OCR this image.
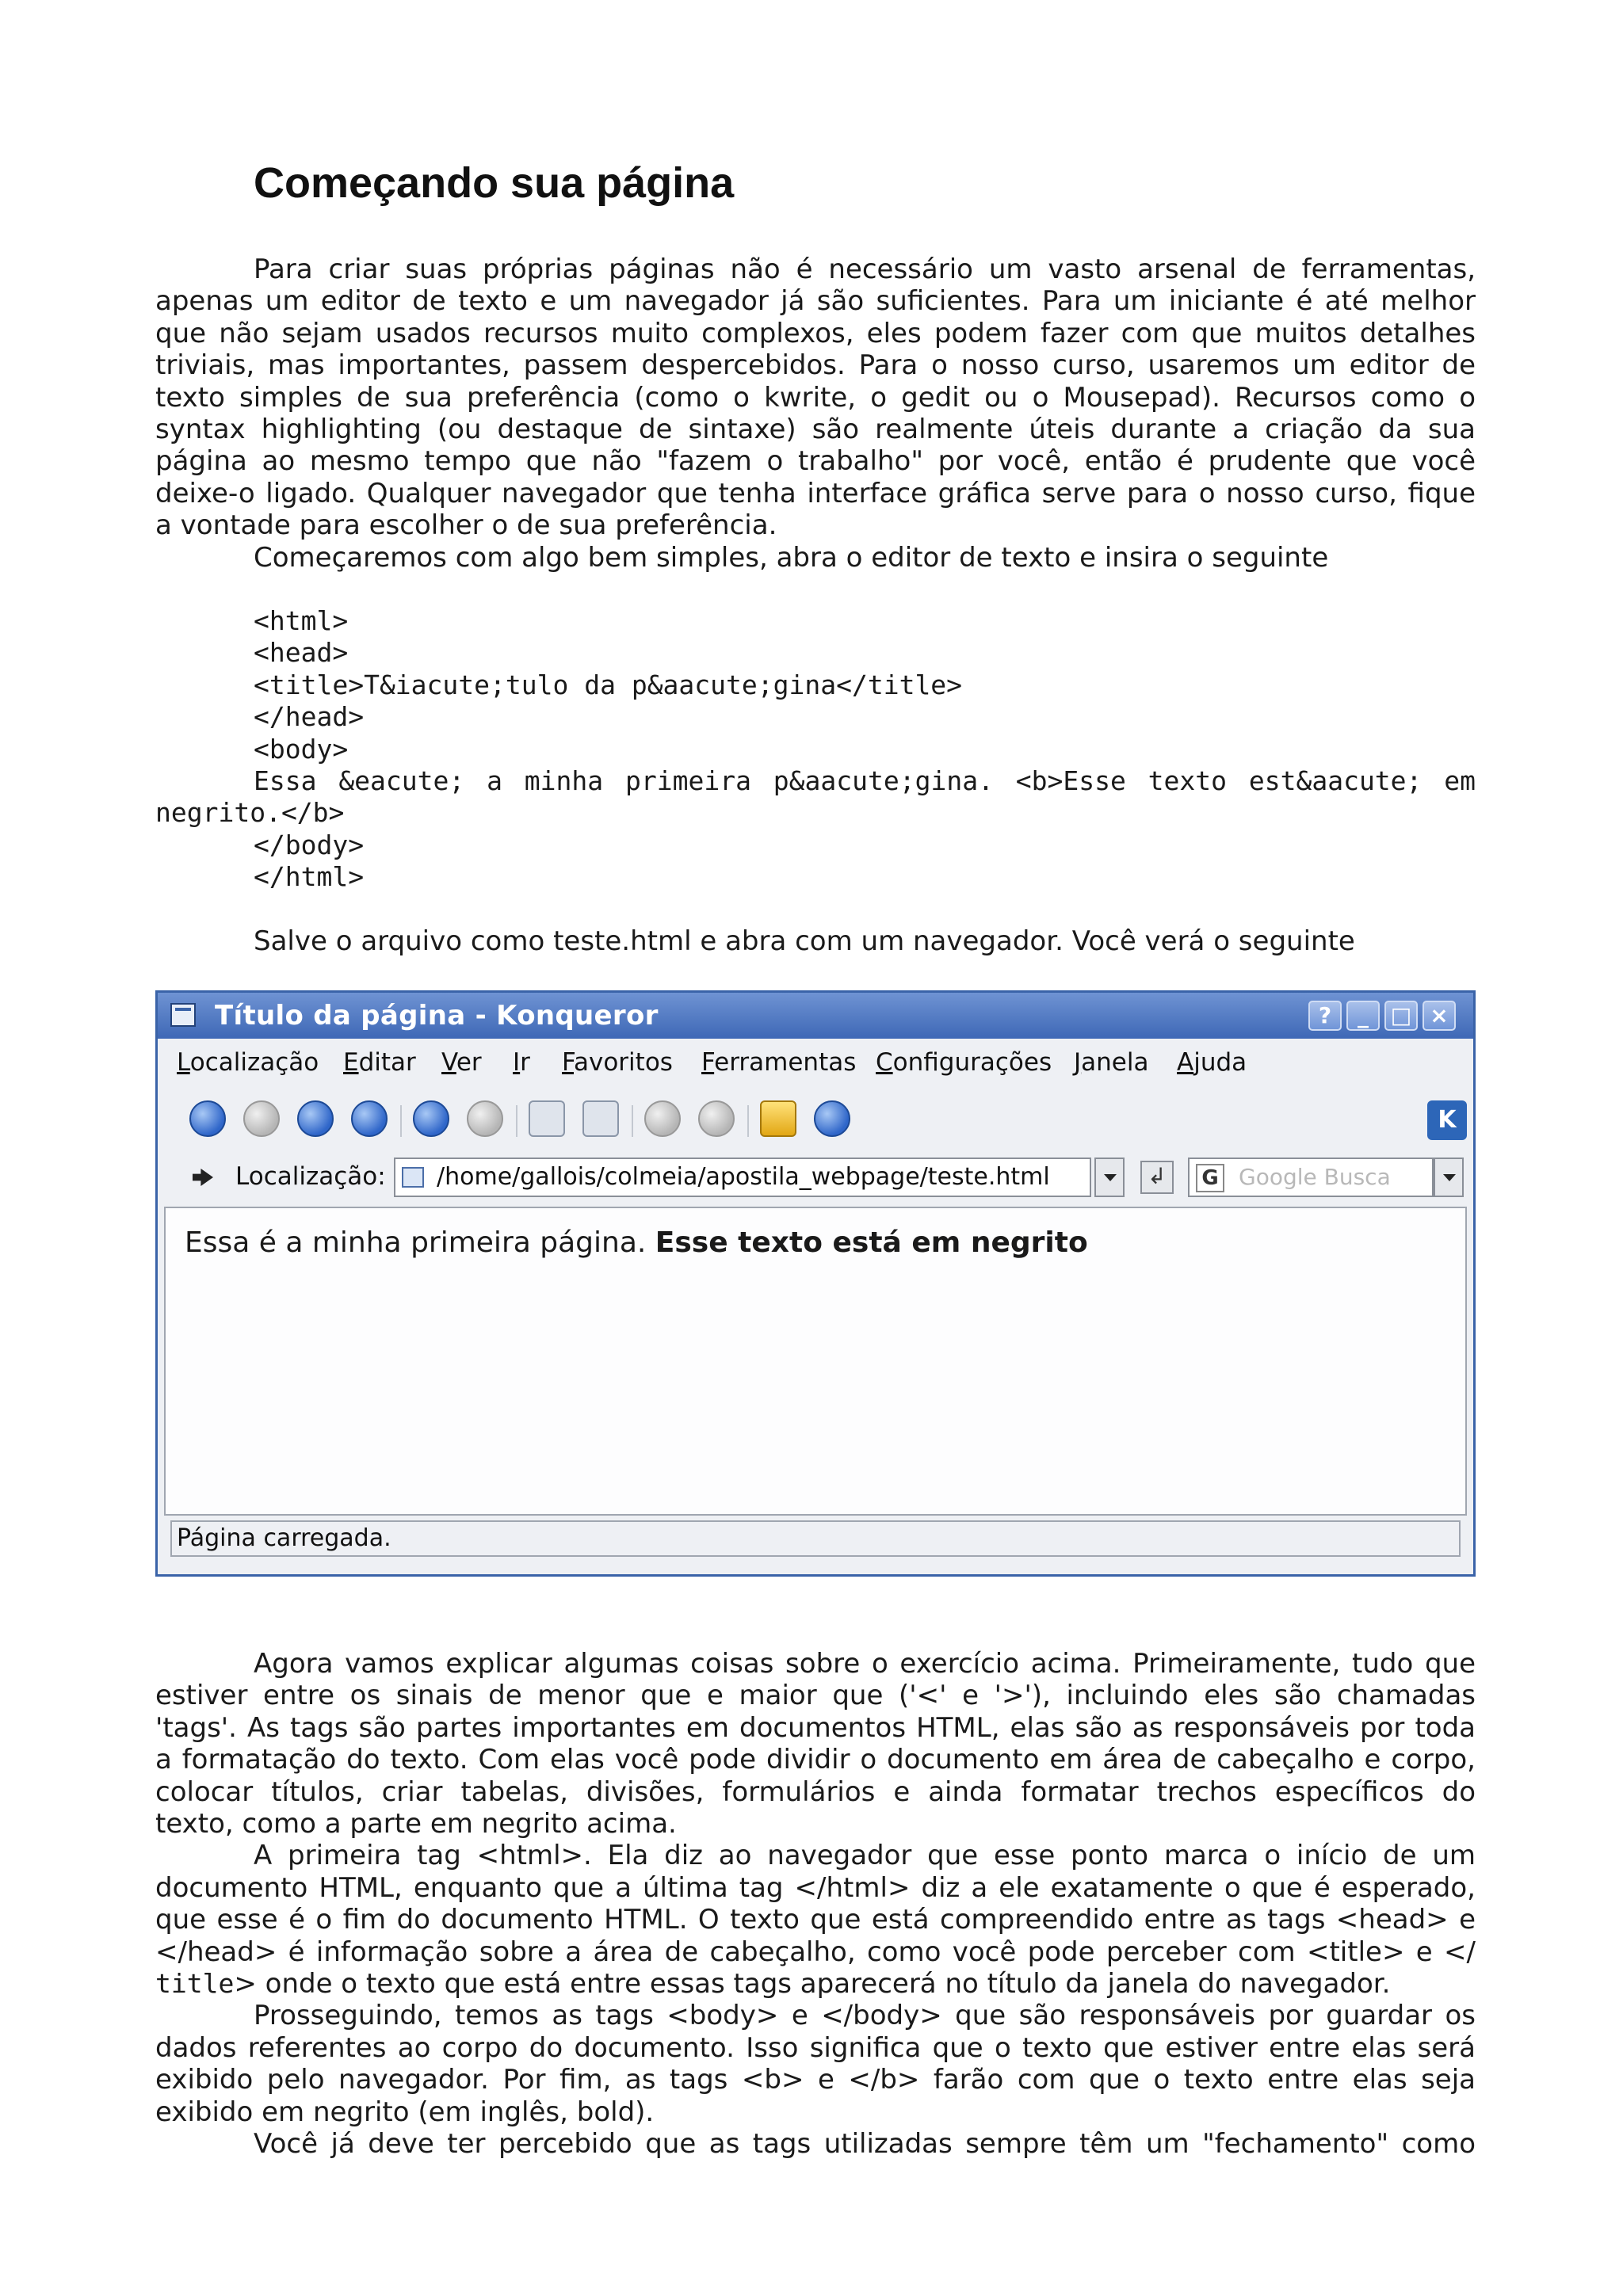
Começando sua página
Para criar suas próprias páginas não é necessário um vasto arsenal de ferramentas,
apenas um editor de texto e um navegador já são suficientes. Para um iniciante é até melhor
que não sejam usados recursos muito complexos, eles podem fazer com que muitos detalhes
triviais, mas importantes, passem despercebidos. Para o nosso curso, usaremos um editor de
texto simples de sua preferência (como o kwrite, o gedit ou o Mousepad). Recursos como o
syntax highlighting (ou destaque de sintaxe) são realmente úteis durante a criação da sua
página ao mesmo tempo que não "fazem o trabalho" por você, então é prudente que você
deixe-o ligado. Qualquer navegador que tenha interface gráfica serve para o nosso curso, fique
a vontade para escolher o de sua preferência.
Começaremos com algo bem simples, abra o editor de texto e insira o seguinte
<html>
<head>
<title>T&iacute;tulo da p&aacute;gina</title>
</head>
<body>
Essa &eacute; a minha primeira p&aacute;gina. <b>Esse texto est&aacute; em
negrito.</b>
</body>
</html>

Salve o arquivo como teste.html e abra com um navegador. Você verá o seguinte

Título da página - Konqueror	?	_ □ ×
Localização Editar Ver Ir Favoritos Ferramentas Configurações Janela Ajuda
K
Localização:	/home/gallois/colmeia/apostila_webpage/teste.html	↲	G Google Busca
Essa é a minha primeira página. Esse texto está em negrito
Página carregada.
Agora vamos explicar algumas coisas sobre o exercício acima. Primeiramente, tudo que
estiver entre os sinais de menor que e maior que ('<' e '>'), incluindo eles são chamadas
'tags'. As tags são partes importantes em documentos HTML, elas são as responsáveis por toda
a formatação do texto. Com elas você pode dividir o documento em área de cabeçalho e corpo,
colocar títulos, criar tabelas, divisões, formulários e ainda formatar trechos específicos do
texto, como a parte em negrito acima.
A primeira tag <html>. Ela diz ao navegador que esse ponto marca o início de um
documento HTML, enquanto que a última tag </html> diz a ele exatamente o que é esperado,
que esse é o fim do documento HTML. O texto que está compreendido entre as tags <head> e
</head> é informação sobre a área de cabeçalho, como você pode perceber com <title> e </
title> onde o texto que está entre essas tags aparecerá no título da janela do navegador.
Prosseguindo, temos as tags <body> e </body> que são responsáveis por guardar os
dados referentes ao corpo do documento. Isso significa que o texto que estiver entre elas será
exibido pelo navegador. Por fim, as tags <b> e </b> farão com que o texto entre elas seja
exibido em negrito (em inglês, bold).
Você já deve ter percebido que as tags utilizadas sempre têm um "fechamento" como
